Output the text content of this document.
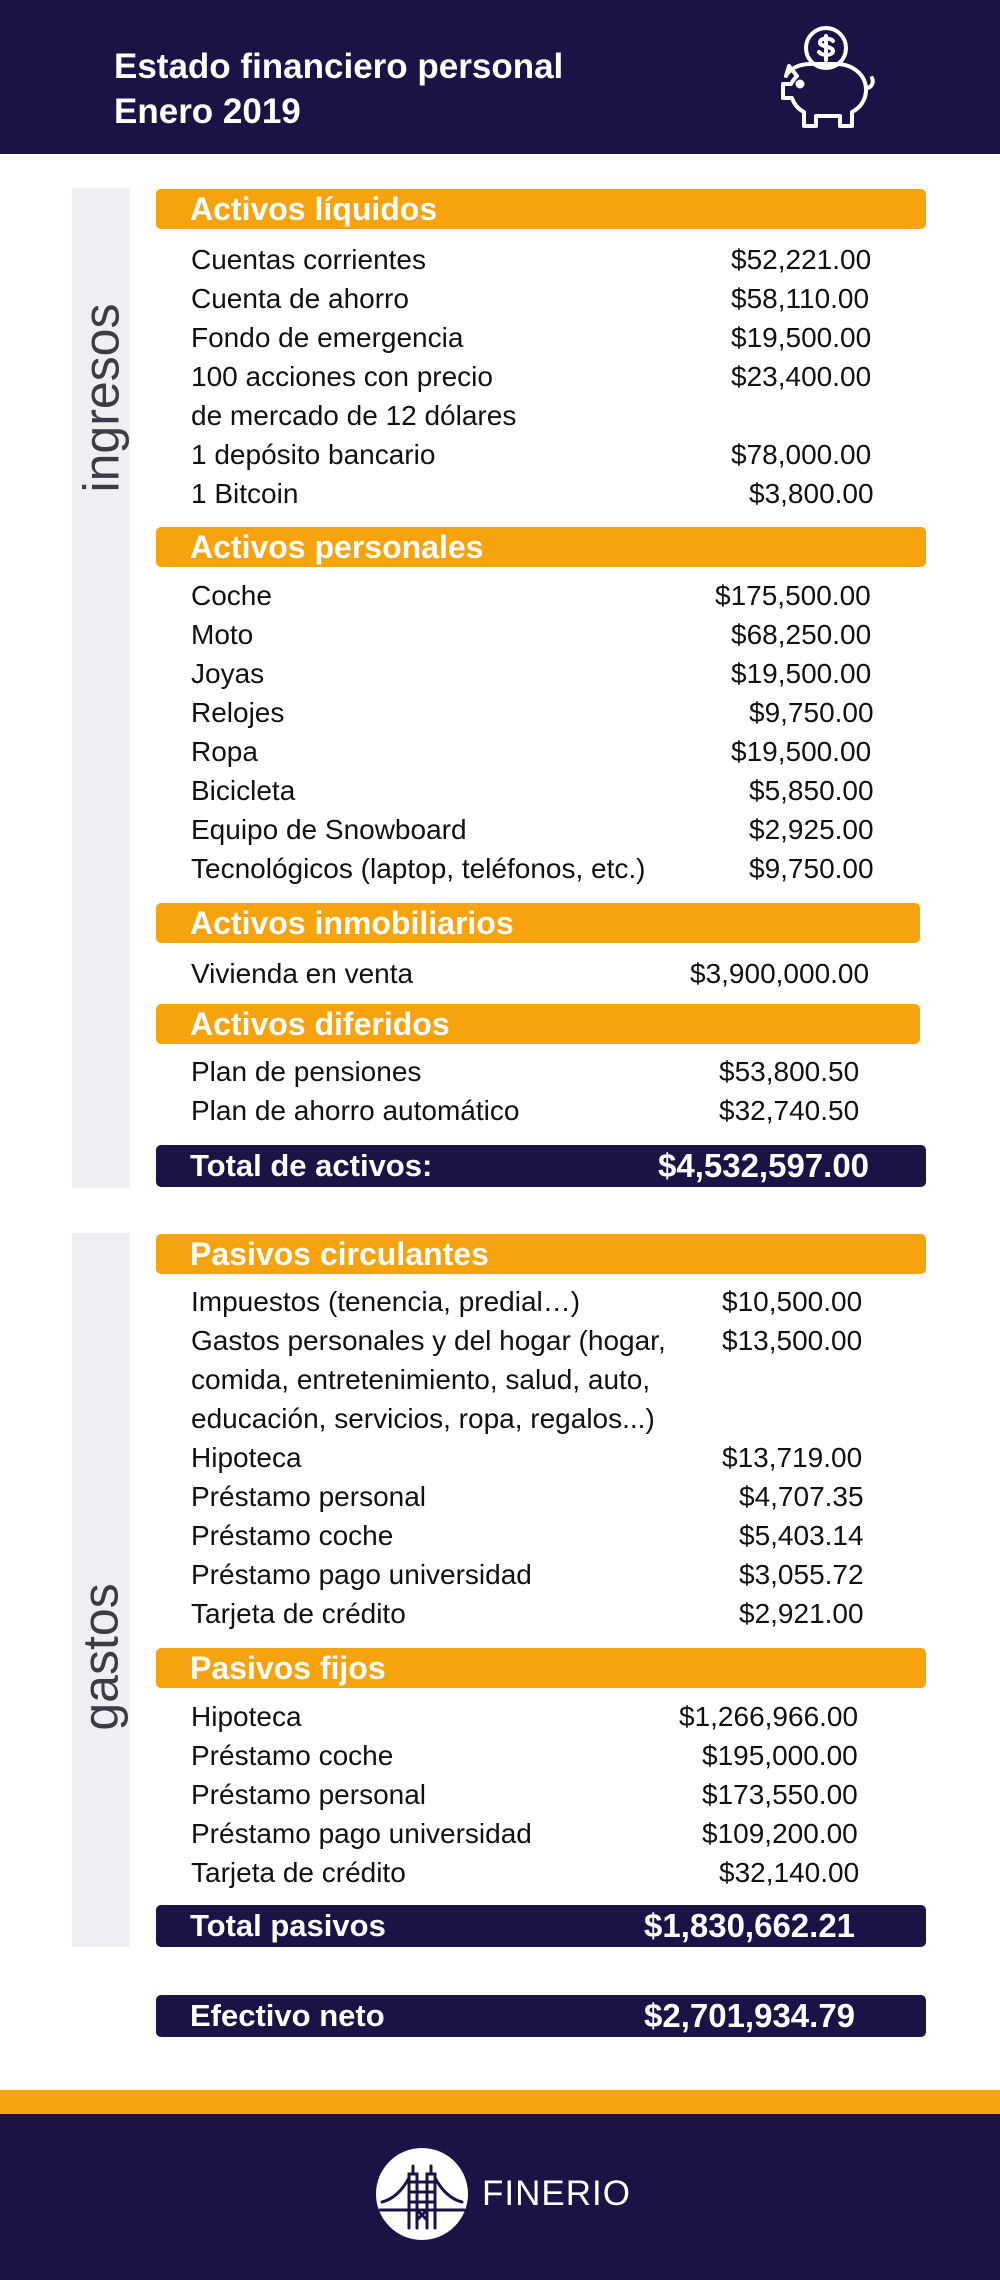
Estado financiero personal
Enero 2019
ingresos
Activos líquidos
Cuentas corrientes	$52,221.00
Cuenta de ahorro	$58,110.00
Fondo de emergencia	$19,500.00
100 acciones con precio	$23,400.00
de mercado de 12 dólares
1 depósito bancario	$78,000.00
1 Bitcoin	$3,800.00
Activos personales
Coche	$175,500.00
Moto	$68,250.00
Joyas	$19,500.00
Relojes	$9,750.00
Ropa	$19,500.00
Bicicleta	$5,850.00
Equipo de Snowboard	$2,925.00
Tecnológicos (laptop, teléfonos, etc.)	$9,750.00
Activos inmobiliarios
Vivienda en venta	$3,900,000.00
Activos diferidos
Plan de pensiones	$53,800.50
Plan de ahorro automático	$32,740.50
Total de activos:	$4,532,597.00
gastos
Pasivos circulantes
Impuestos (tenencia, predial…)	$10,500.00
Gastos personales y del hogar (hogar, $13,500.00
comida, entretenimiento, salud, auto,
educación, servicios, ropa, regalos...)
Hipoteca	$13,719.00
Préstamo personal	$4,707.35
Préstamo coche	$5,403.14
Préstamo pago universidad	$3,055.72
Tarjeta de crédito	$2,921.00
Pasivos fijos
Hipoteca	$1,266,966.00
Préstamo coche	$195,000.00
Préstamo personal	$173,550.00
Préstamo pago universidad	$109,200.00
Tarjeta de crédito	$32,140.00
Total pasivos	$1,830,662.21
Efectivo neto	$2,701,934.79
FINERIO
